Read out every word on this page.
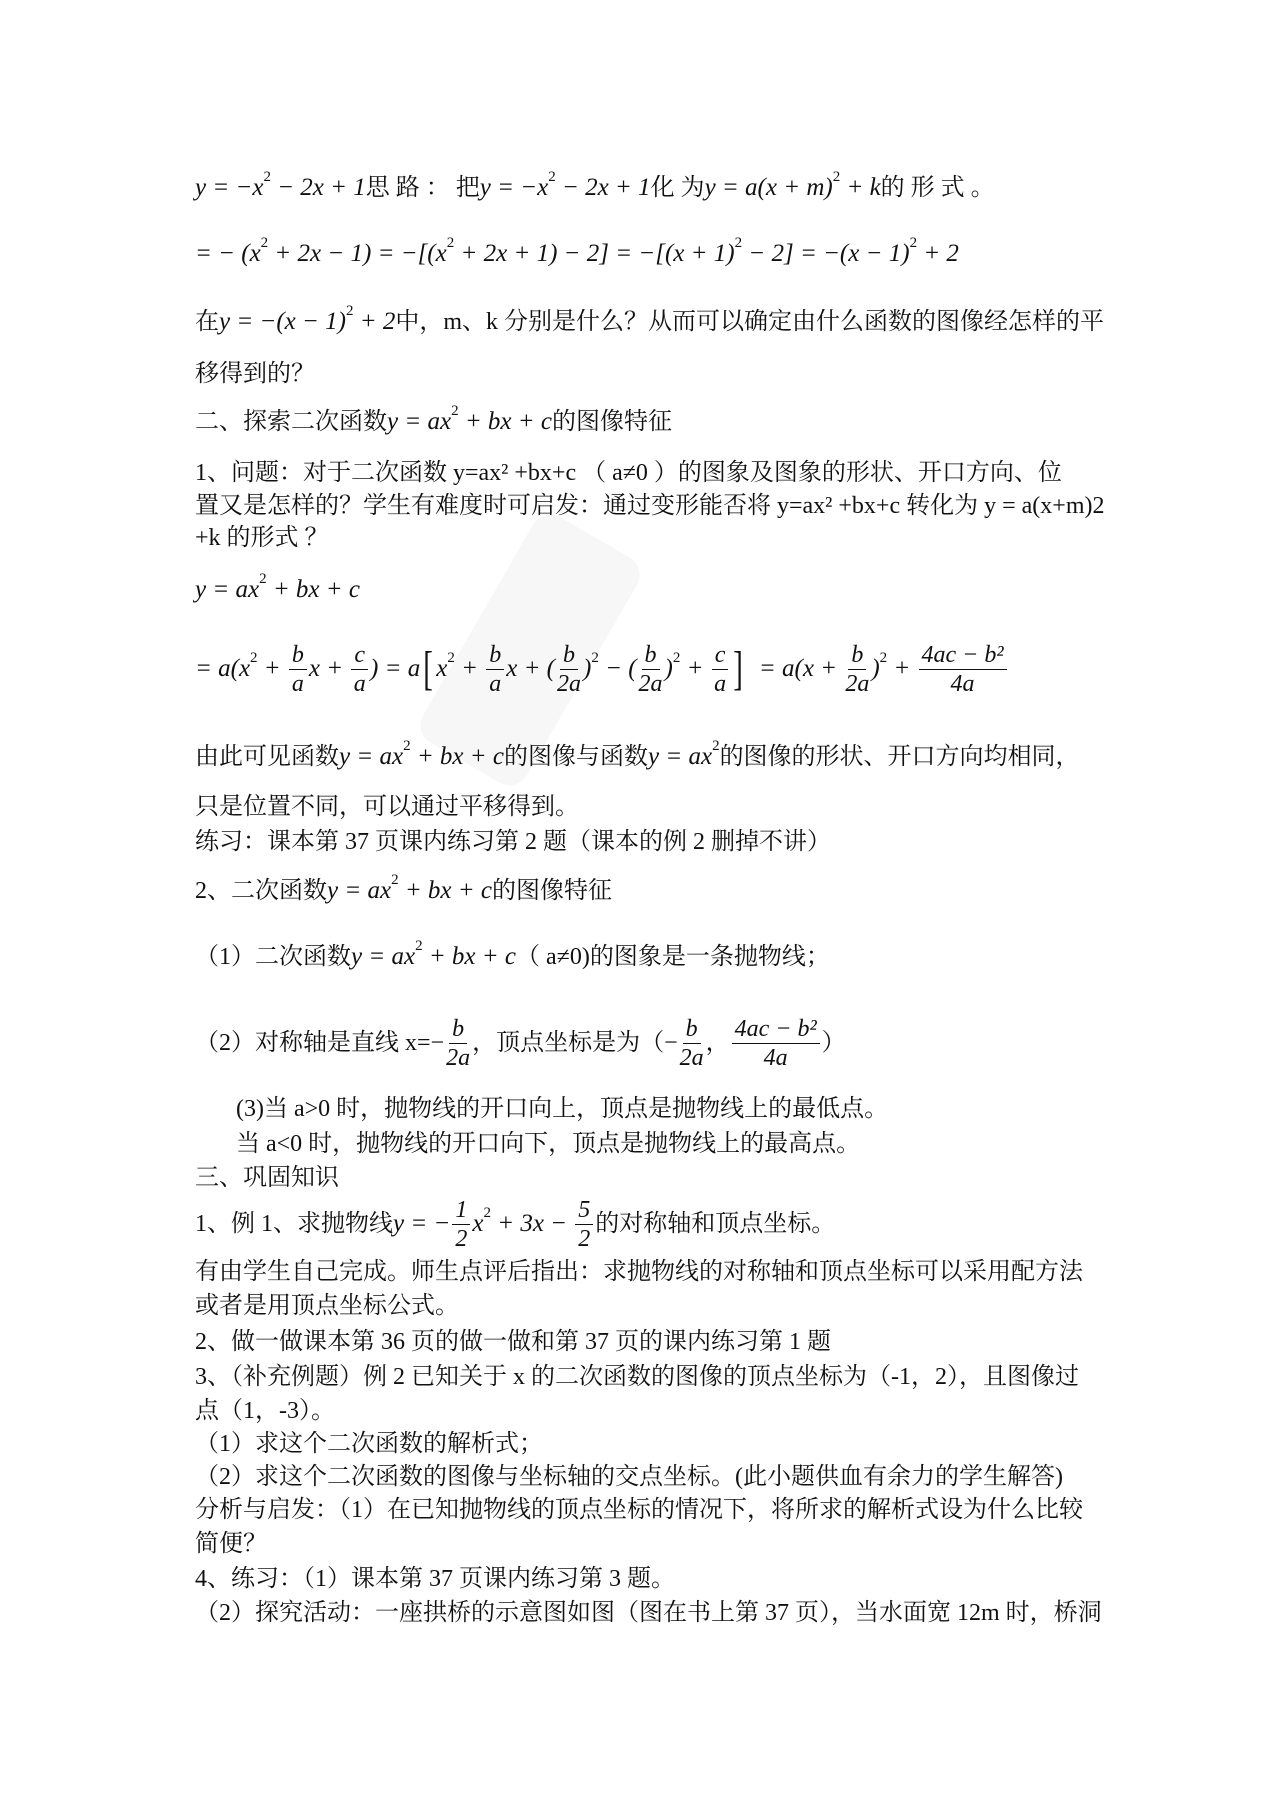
y = −x 2 − 2x + 1 思 路 ： 把 y = −x 2 − 2x + 1 化 为 y = a(x + m) 2 + k 的 形 式 。
= − (x 2 + 2x − 1) = −[(x 2 + 2x + 1) − 2] = −[(x + 1) 2 − 2] = −(x − 1) 2 + 2
在 y = −(x − 1) 2 + 2 中，m、k 分别是什么？从而可以确定由什么函数的图像经怎样的平
移得到的？
二、探索二次函数 y = ax 2 + bx + c 的图像特征
1、问题：对于二次函数 y=ax² +bx+c （ a≠0 ）的图象及图象的形状、开口方向、位
置又是怎样的？学生有难度时可启发：通过变形能否将 y=ax² +bx+c 转化为 y = a(x+m)2
+k 的形式 ？
y = ax 2 + bx + c
= a(x $2 + \frac{b}{a}$ $x + \frac{c}{a}$ ) = a [ x $2 + \frac{b}{a}$ x + ( $\frac{b}{2a}$ ) 2 − ( $\frac{b}{2a}$ ) $2 + \frac{c}{a}$ ] = $a(x + \frac{b}{2a}$ ) $2 + \frac{\text{4ac − b²}}{4a}$
由此可见函数 y = ax 2 + bx + c 的图像与函数 y = ax 2 的图像的形状、开口方向均相同，
只是位置不同，可以通过平移得到。
练习：课本第 37 页课内练习第 2 题（课本的例 2 删掉不讲）
2、二次函数 y = ax 2 + bx + c 的图像特征
（1）二次函数 y = ax 2 + bx + c （ a≠0)的图象是一条抛物线；
（2）对称轴是直线 $x=- \frac{b}{2a}$ ，顶点坐标是为（− $\frac{b}{2a}$ ， $\frac{\text{4ac − b²}}{4a}$ ）
(3)当 a>0 时，抛物线的开口向上，顶点是抛物线上的最低点。
当 a<0 时，抛物线的开口向下，顶点是抛物线上的最高点。
三、巩固知识
1、例 1、求抛物线 y = − $\frac{1}{2}$ x $2 + 3x - \frac{5}{2}$ 的对称轴和顶点坐标。
有由学生自己完成。师生点评后指出：求抛物线的对称轴和顶点坐标可以采用配方法
或者是用顶点坐标公式。
2、做一做课本第 36 页的做一做和第 37 页的课内练习第 1 题
3、（补充例题）例 2 已知关于 x 的二次函数的图像的顶点坐标为（-1，2），且图像过
点（1，-3）。
（1）求这个二次函数的解析式；
（2）求这个二次函数的图像与坐标轴的交点坐标。(此小题供血有余力的学生解答)
分析与启发：（1）在已知抛物线的顶点坐标的情况下，将所求的解析式设为什么比较
简便？
4、练习：（1）课本第 37 页课内练习第 3 题。
（2）探究活动：一座拱桥的示意图如图（图在书上第 37 页），当水面宽 12m 时，桥洞
